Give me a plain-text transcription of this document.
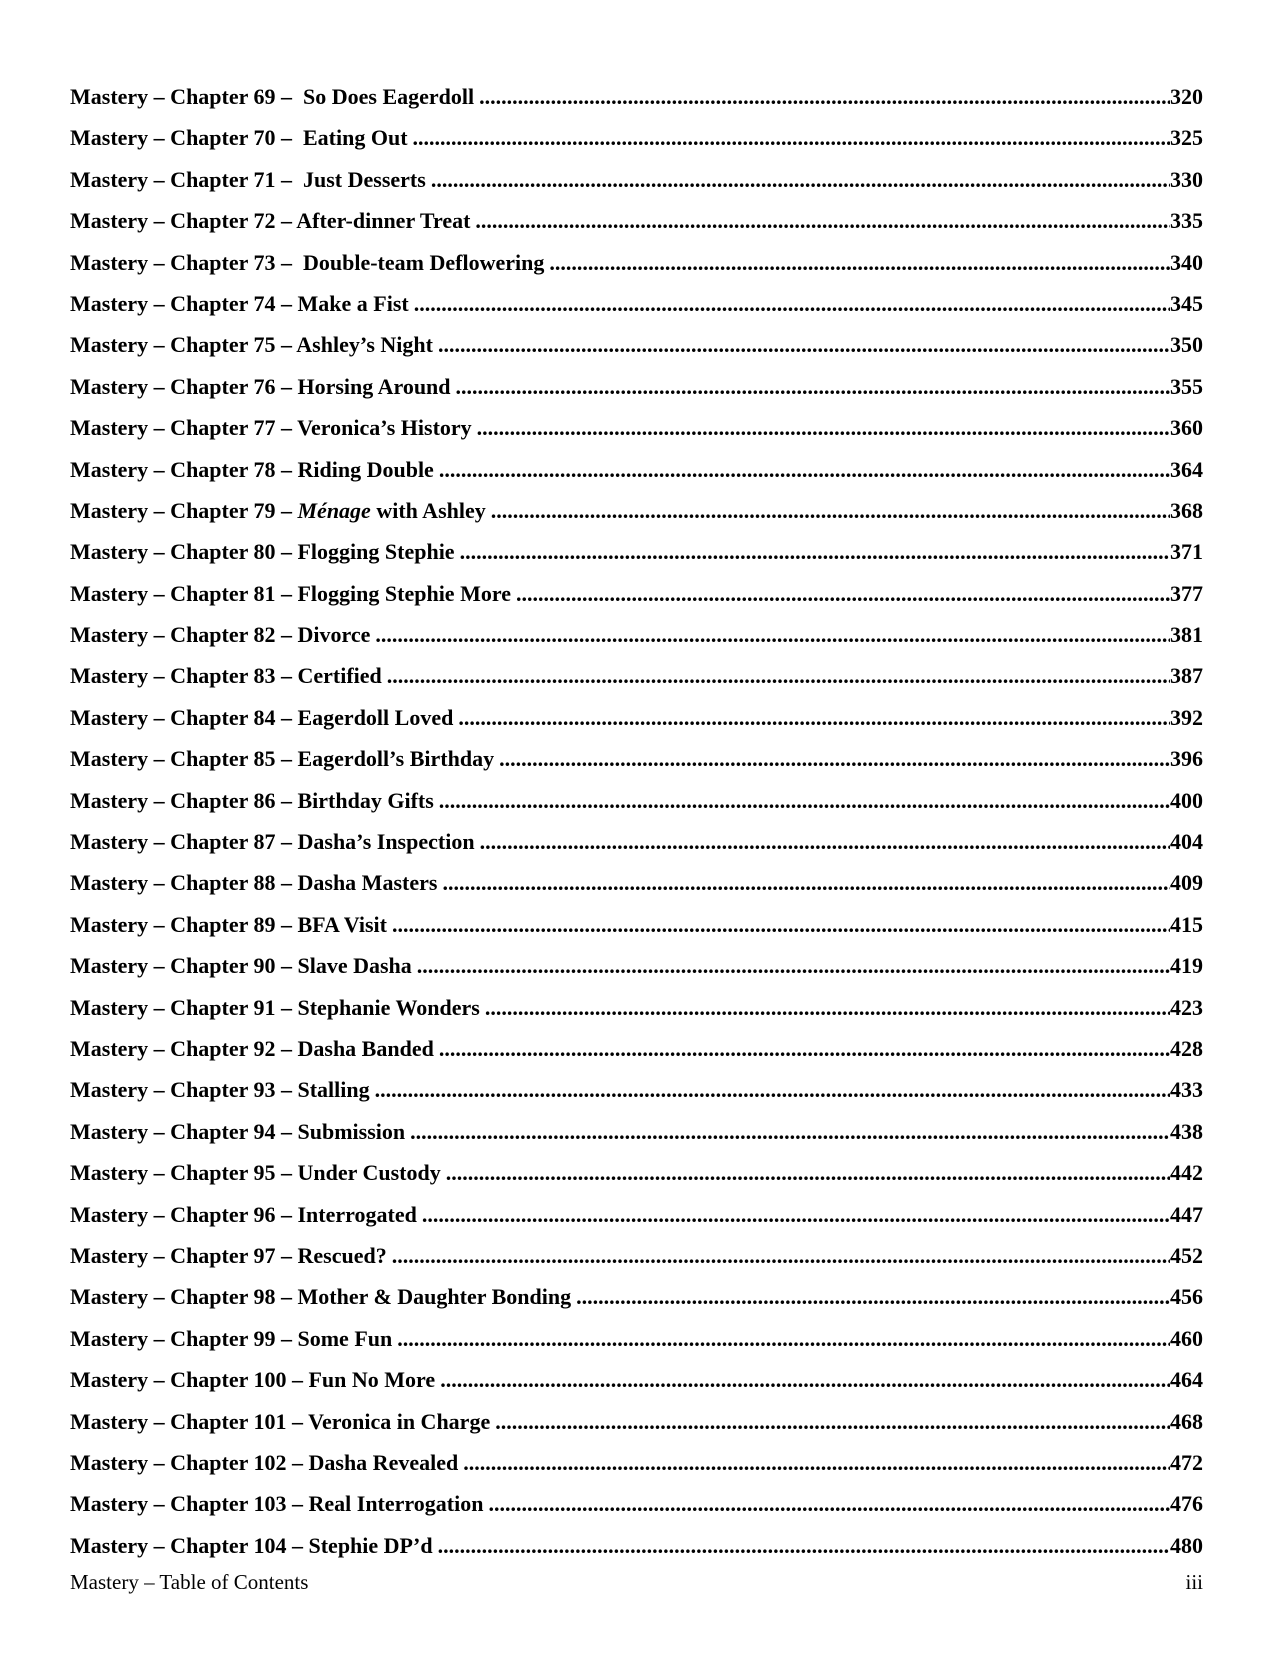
Mastery – Chapter 69 –  So Does Eagerdoll .....	320
Mastery – Chapter 70 –  Eating Out .....	325
Mastery – Chapter 71 –  Just Desserts .....	330
Mastery – Chapter 72 – After-dinner Treat .....	335
Mastery – Chapter 73 –  Double-team Deflowering .....	340
Mastery – Chapter 74 – Make a Fist .....	345
Mastery – Chapter 75 – Ashley’s Night .....	350
Mastery – Chapter 76 – Horsing Around .....	355
Mastery – Chapter 77 – Veronica’s History .....	360
Mastery – Chapter 78 – Riding Double .....	364
Mastery – Chapter 79 – Ménage with Ashley .....	368
Mastery – Chapter 80 – Flogging Stephie .....	371
Mastery – Chapter 81 – Flogging Stephie More .....	377
Mastery – Chapter 82 – Divorce .....	381
Mastery – Chapter 83 – Certified .....	387
Mastery – Chapter 84 – Eagerdoll Loved .....	392
Mastery – Chapter 85 – Eagerdoll’s Birthday .....	396
Mastery – Chapter 86 – Birthday Gifts .....	400
Mastery – Chapter 87 – Dasha’s Inspection .....	404
Mastery – Chapter 88 – Dasha Masters .....	409
Mastery – Chapter 89 – BFA Visit .....	415
Mastery – Chapter 90 – Slave Dasha .....	419
Mastery – Chapter 91 – Stephanie Wonders .....	423
Mastery – Chapter 92 – Dasha Banded .....	428
Mastery – Chapter 93 – Stalling .....	433
Mastery – Chapter 94 – Submission .....	438
Mastery – Chapter 95 – Under Custody .....	442
Mastery – Chapter 96 – Interrogated .....	447
Mastery – Chapter 97 – Rescued? .....	452
Mastery – Chapter 98 – Mother & Daughter Bonding .....	456
Mastery – Chapter 99 – Some Fun .....	460
Mastery – Chapter 100 – Fun No More .....	464
Mastery – Chapter 101 – Veronica in Charge .....	468
Mastery – Chapter 102 – Dasha Revealed .....	472
Mastery – Chapter 103 – Real Interrogation .....	476
Mastery – Chapter 104 – Stephie DP’d .....	480
Mastery – Table of Contents	iii
